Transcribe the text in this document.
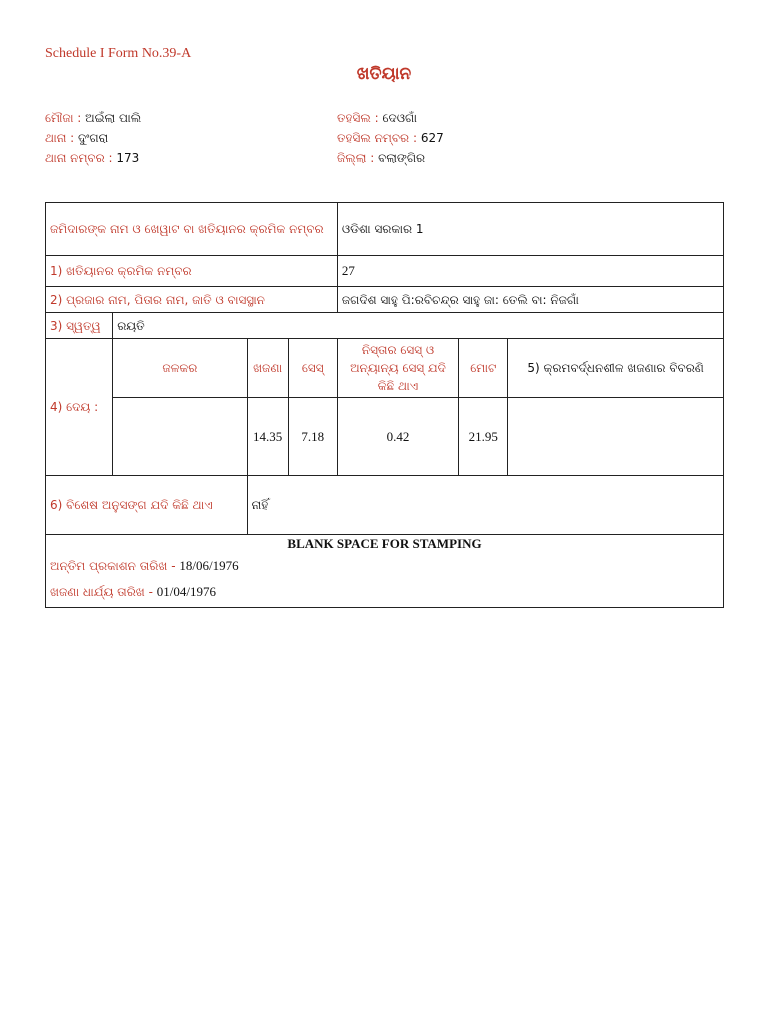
Schedule I Form No.39-A
ଖତିୟାନ
ମୌଜା : ଅଇଁଲା ପାଲି
ଥାନା : ଦୁଂଗରା
ଥାନା ନମ୍ବର : 173
ତହସିଲ : ଦେଓଗାଁ
ତହସିଲ ନମ୍ବର : 627
ଜିଲ୍ଲା : ବଲାଙ୍ଗିର
ଜମିଦାରଙ୍କ ନାମ ଓ ଖେୱାଟ ବା ଖତିୟାନର କ୍ରମିକ ନମ୍ବର				ଓଡିଶା ସରକାର 1		
1) ଖତିୟାନର କ୍ରମିକ ନମ୍ବର				27		
2) ପ୍ରଜାର ନାମ, ପିତାର ନାମ, ଜାତି ଓ ବାସସ୍ଥାନ				ଜଗଦିଶ ସାହୁ ପି:ରବିଚନ୍ଦ୍ର ସାହୁ ଜା: ତେଲି ବା: ନିଜଗାଁ		
3) ସ୍ୱତ୍ୱ	ରୟତି					
4) ଦେୟ :	ଜଳକର	ଖଜଣା	ସେସ୍	ନିସ୍ତାର ସେସ୍ ଓ ଅନ୍ୟାନ୍ୟ ସେସ୍ ଯଦି କିଛି ଥାଏ	ମୋଟ	5) କ୍ରମବର୍ଦ୍ଧନଶୀଳ ଖଜଣାର ବିବରଣି
		14.35	7.18	0.42	21.95	

6) ବିଶେଷ ଅନୁସଙ୍ଗ ଯଦି କିଛି ଥାଏ		ନାହିଁ				

BLANK SPACE FOR STAMPING
ଅନ୍ତିମ ପ୍ରକାଶନ ତାରିଖ - 18/06/1976
ଖଜଣା ଧାର୍ଯ୍ୟ ତାରିଖ - 01/04/1976						
